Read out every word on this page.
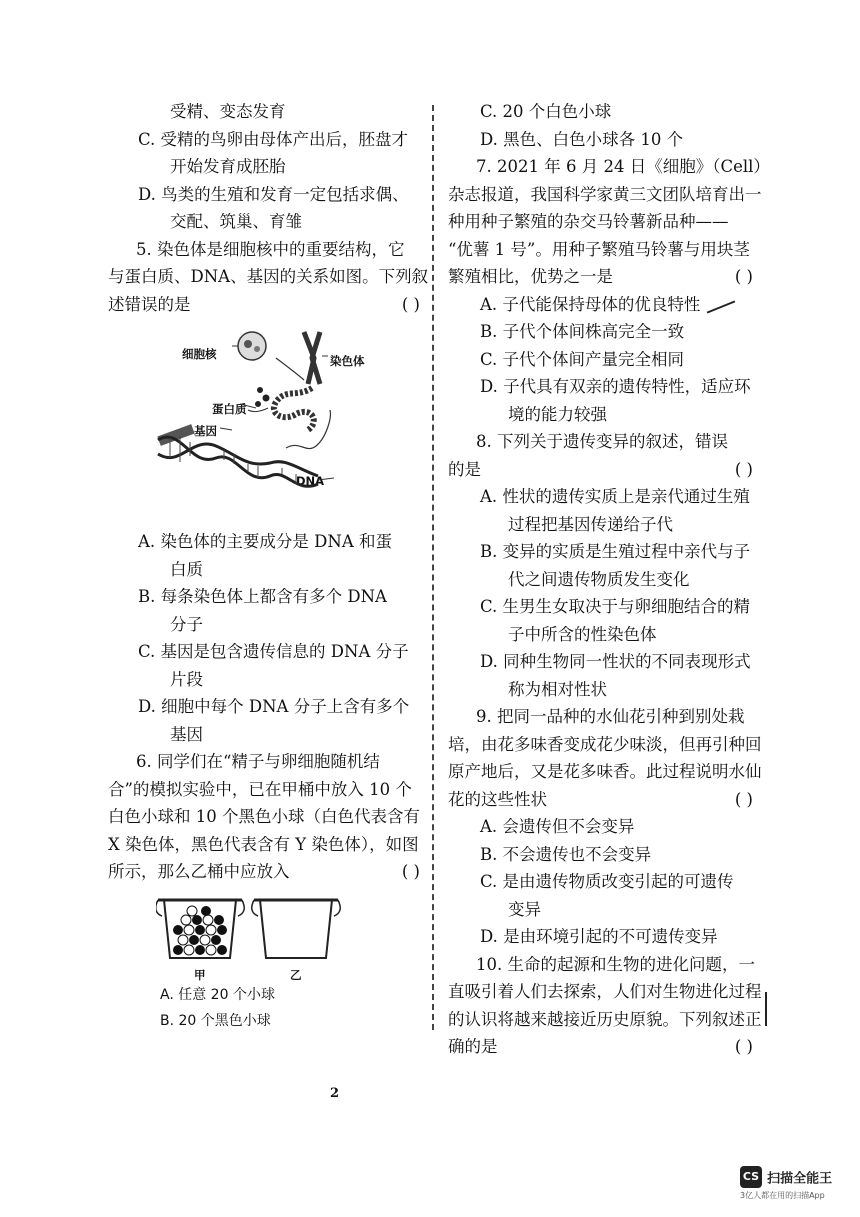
受精、变态发育
C. 受精的鸟卵由母体产出后，胚盘才
开始发育成胚胎
D. 鸟类的生殖和发育一定包括求偶、
交配、筑巢、育雏
5. 染色体是细胞核中的重要结构，它
与蛋白质、DNA、基因的关系如图。下列叙
述错误的是	( )
细胞核	染色体
蛋白质
基因
DNA
A. 染色体的主要成分是 DNA 和蛋
白质
B. 每条染色体上都含有多个 DNA
分子
C. 基因是包含遗传信息的 DNA 分子
片段
D. 细胞中每个 DNA 分子上含有多个
基因
6. 同学们在“精子与卵细胞随机结
合”的模拟实验中，已在甲桶中放入 10 个
白色小球和 10 个黑色小球（白色代表含有
X 染色体，黑色代表含有 Y 染色体），如图
所示，那么乙桶中应放入	( )
甲	乙
A. 任意 20 个小球
B. 20 个黑色小球
C. 20 个白色小球
D. 黑色、白色小球各 10 个
7. 2021 年 6 月 24 日《细胞》（Cell）
杂志报道，我国科学家黄三文团队培育出一
种用种子繁殖的杂交马铃薯新品种——
“优薯 1 号”。用种子繁殖马铃薯与用块茎
繁殖相比，优势之一是	( )
A. 子代能保持母体的优良特性
B. 子代个体间株高完全一致
C. 子代个体间产量完全相同
D. 子代具有双亲的遗传特性，适应环
境的能力较强
8. 下列关于遗传变异的叙述，错误
的是	( )
A. 性状的遗传实质上是亲代通过生殖
过程把基因传递给子代
B. 变异的实质是生殖过程中亲代与子
代之间遗传物质发生变化
C. 生男生女取决于与卵细胞结合的精
子中所含的性染色体
D. 同种生物同一性状的不同表现形式
称为相对性状
9. 把同一品种的水仙花引种到别处栽
培，由花多味香变成花少味淡，但再引种回
原产地后，又是花多味香。此过程说明水仙
花的这些性状	( )
A. 会遗传但不会变异
B. 不会遗传也不会变异
C. 是由遗传物质改变引起的可遗传
变异
D. 是由环境引起的不可遗传变异
10. 生命的起源和生物的进化问题，一
直吸引着人们去探索，人们对生物进化过程
的认识将越来越接近历史原貌。下列叙述正
确的是	( )
2
CS 扫描全能王
3亿人都在用的扫描App
